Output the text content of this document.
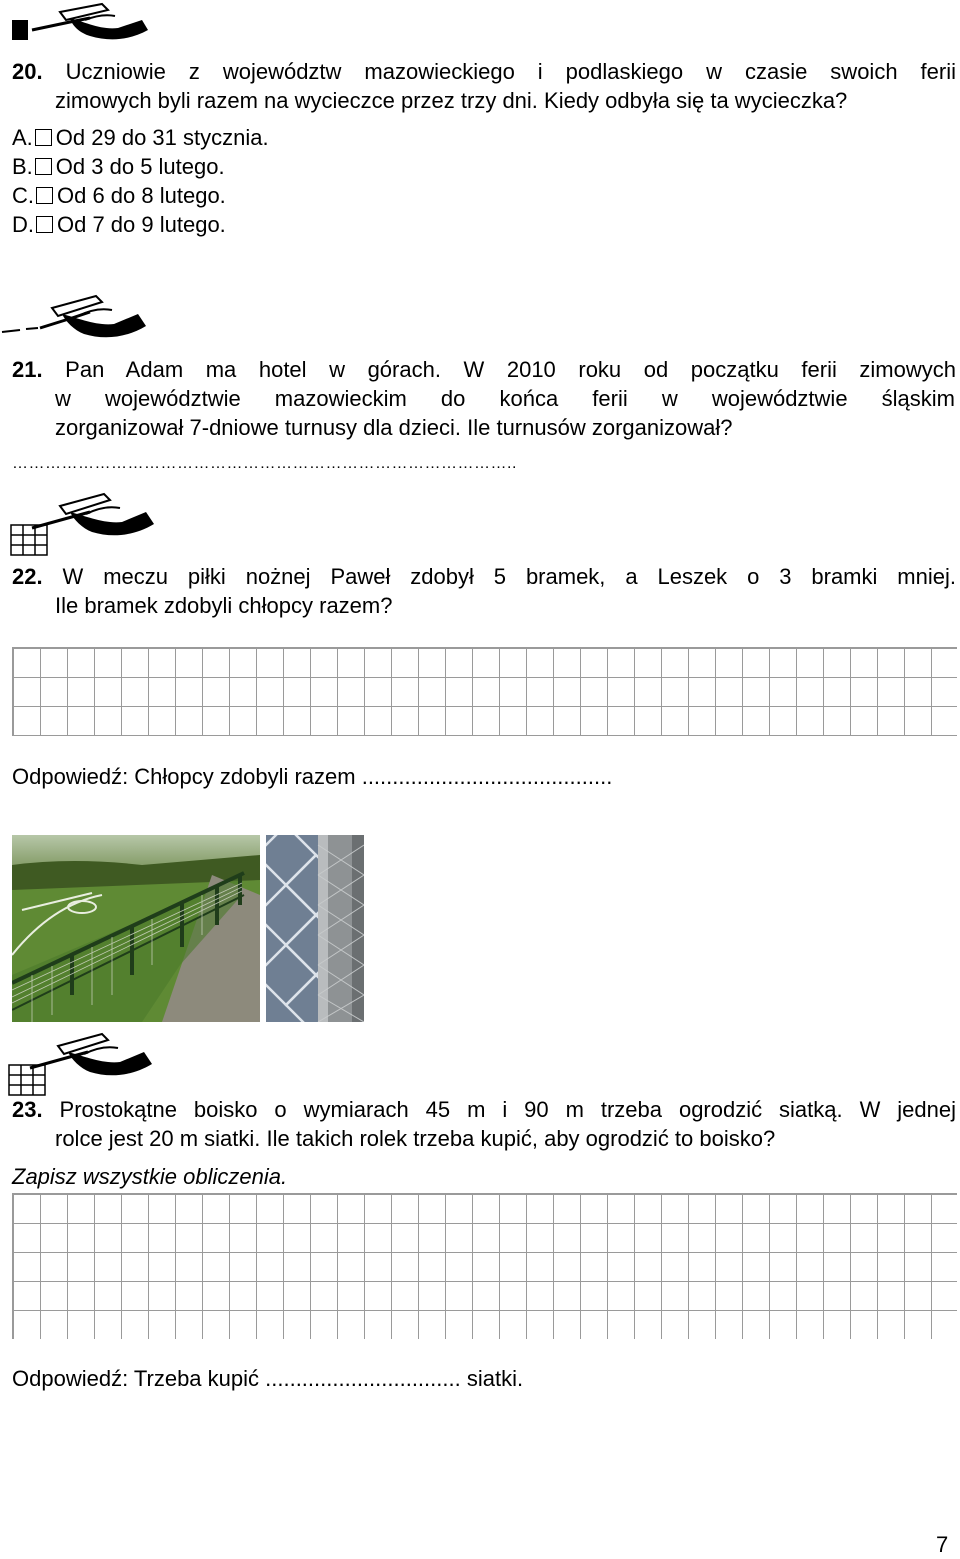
20. Uczniowie z województw mazowieckiego i podlaskiego w czasie swoich ferii
zimowych byli razem na wycieczce przez trzy dni. Kiedy odbyła się ta wycieczka?
A. Od 29 do 31 stycznia.
B. Od 3 do 5 lutego.
C. Od 6 do 8 lutego.
D. Od 7 do 9 lutego.
21. Pan Adam ma hotel w górach. W 2010 roku od początku ferii zimowych
w województwie mazowieckim do końca ferii w województwie śląskim
zorganizował 7-dniowe turnusy dla dzieci. Ile turnusów zorganizował?
………………………………………………………………………………..
22. W meczu piłki nożnej Paweł zdobył 5 bramek, a Leszek o 3 bramki mniej.
Ile bramek zdobyli chłopcy razem?
Odpowiedź: Chłopcy zdobyli razem .........................................
23. Prostokątne boisko o wymiarach 45 m i 90 m trzeba ogrodzić siatką. W jednej
rolce jest 20 m siatki. Ile takich rolek trzeba kupić, aby ogrodzić to boisko?
Zapisz wszystkie obliczenia.
Odpowiedź: Trzeba kupić ................................ siatki.
7
